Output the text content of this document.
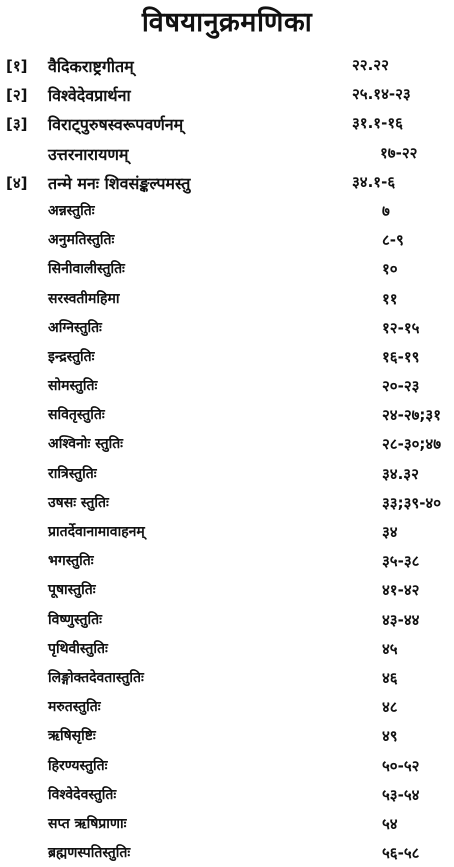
विषयानुक्रमणिका
[१] वैदिकराष्ट्रगीतम्	२२.२२
[२] विश्वेदेवप्रार्थना	२५.१४-२३
[३] विराट्पुरुषस्वरूपवर्णनम्	३१.१-१६
उत्तरनारायणम्	१७-२२
[४] तन्मे मनः शिवसंङ्कल्पमस्तु	३४.१-६
अन्नस्तुतिः	७
अनुमतिस्तुतिः	८-९
सिनीवालीस्तुतिः	१०
सरस्वतीमहिमा	११
अग्निस्तुतिः	१२-१५
इन्द्रस्तुतिः	१६-१९
सोमस्तुतिः	२०-२३
सवितृस्तुतिः	२४-२७;३१
अश्विनोः स्तुतिः	२८-३०;४७
रात्रिस्तुतिः	३४.३२
उषसः स्तुतिः	३३;३९-४०
प्रातर्देवानामावाहनम्	३४
भगस्तुतिः	३५-३८
पूषास्तुतिः	४१-४२
विष्णुस्तुतिः	४३-४४
पृथिवीस्तुतिः	४५
लिङ्गोक्तदेवतास्तुतिः	४६
मरुतस्तुतिः	४८
ऋषिसृष्टिः	४९
हिरण्यस्तुतिः	५०-५२
विश्वेदेवस्तुतिः	५३-५४
सप्त ऋषिप्राणाः	५४
ब्रह्मणस्पतिस्तुतिः	५६-५८
